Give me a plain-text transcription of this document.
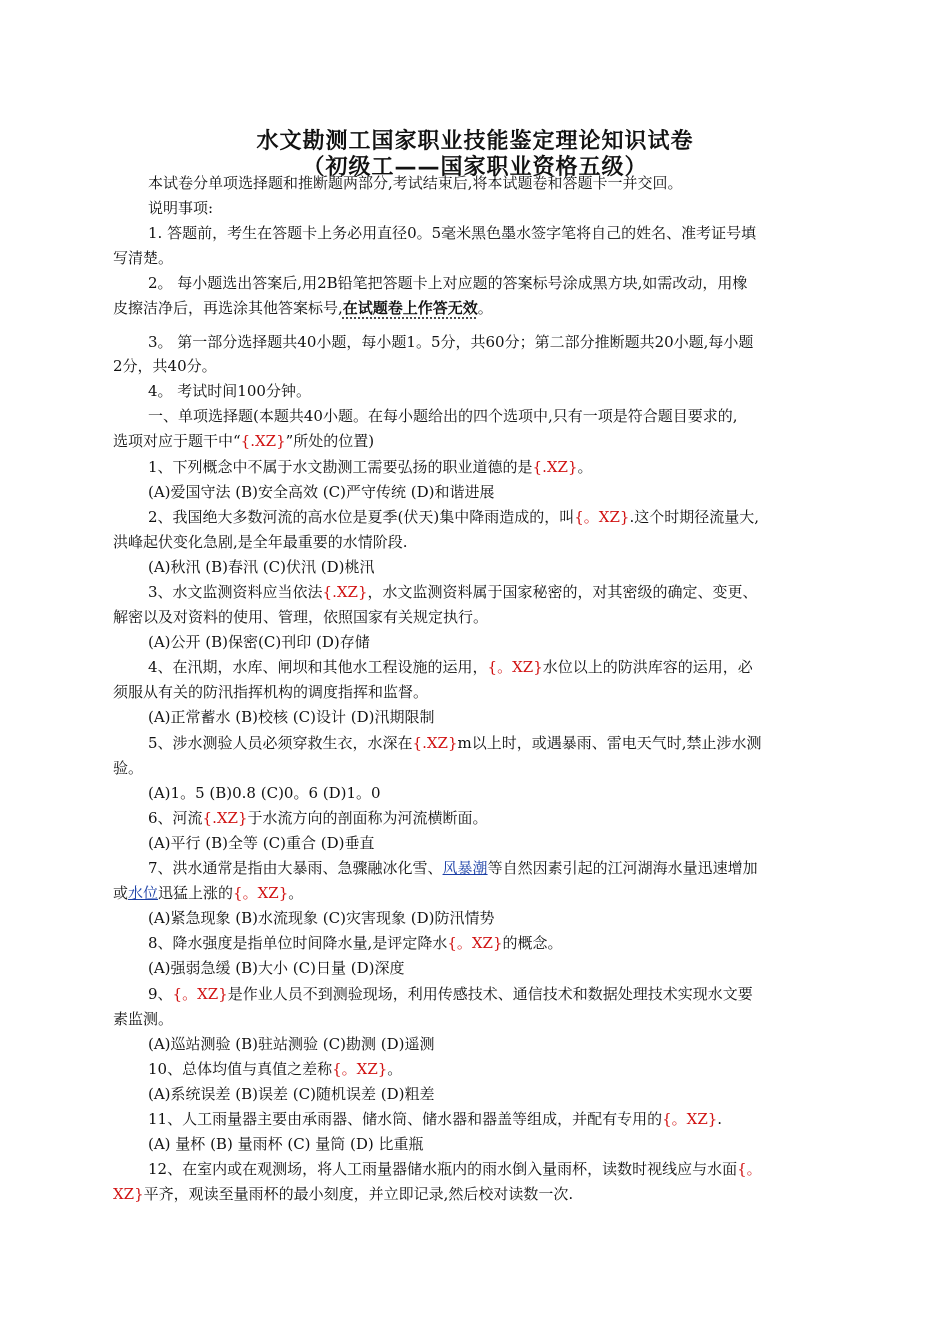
水文勘测工国家职业技能鉴定理论知识试卷
（初级工——国家职业资格五级）
本试卷分单项选择题和推断题两部分,考试结束后,将本试题卷和答题卡一并交回。
说明事项:
1. 答题前，考生在答题卡上务必用直径0。5毫米黑色墨水签字笔将自己的姓名、准考证号填
写清楚。
2。 每小题选出答案后,用2B铅笔把答题卡上对应题的答案标号涂成黑方块,如需改动，用橡
皮擦洁净后，再选涂其他答案标号,在试题卷上作答无效。
3。 第一部分选择题共40小题，每小题1。5分，共60分；第二部分推断题共20小题,每小题
2分，共40分。
4。 考试时间100分钟。
一、单项选择题(本题共40小题。在每小题给出的四个选项中,只有一项是符合题目要求的,
选项对应于题干中“{.XZ}”所处的位置)
1、下列概念中不属于水文勘测工需要弘扬的职业道德的是{.XZ}。
(A)爱国守法 (B)安全高效 (C)严守传统 (D)和谐进展
2、我国绝大多数河流的高水位是夏季(伏天)集中降雨造成的，叫{。XZ}.这个时期径流量大,
洪峰起伏变化急剧,是全年最重要的水情阶段.
(A)秋汛 (B)春汛 (C)伏汛 (D)桃汛
3、水文监测资料应当依法{.XZ}，水文监测资料属于国家秘密的，对其密级的确定、变更、
解密以及对资料的使用、管理，依照国家有关规定执行。
(A)公开 (B)保密(C)刊印 (D)存储
4、在汛期，水库、闸坝和其他水工程设施的运用，{。XZ}水位以上的防洪库容的运用，必
须服从有关的防汛指挥机构的调度指挥和监督。
(A)正常蓄水 (B)校核 (C)设计 (D)汛期限制
5、涉水测验人员必须穿救生衣，水深在{.XZ}m以上时，或遇暴雨、雷电天气时,禁止涉水测
验。
(A)1。5 (B)0.8 (C)0。6 (D)1。0
6、河流{.XZ}于水流方向的剖面称为河流横断面。
(A)平行 (B)全等 (C)重合 (D)垂直
7、洪水通常是指由大暴雨、急骤融冰化雪、风暴潮等自然因素引起的江河湖海水量迅速增加
或水位迅猛上涨的{。XZ}。
(A)紧急现象 (B)水流现象 (C)灾害现象 (D)防汛情势
8、降水强度是指单位时间降水量,是评定降水{。XZ}的概念。
(A)强弱急缓 (B)大小 (C)日量 (D)深度
9、{。XZ}是作业人员不到测验现场，利用传感技术、通信技术和数据处理技术实现水文要
素监测。
(A)巡站测验 (B)驻站测验 (C)勘测 (D)遥测
10、总体均值与真值之差称{。XZ}。
(A)系统误差 (B)误差 (C)随机误差 (D)粗差
11、人工雨量器主要由承雨器、储水筒、储水器和器盖等组成，并配有专用的{。XZ}.
(A) 量杯 (B) 量雨杯 (C) 量筒 (D) 比重瓶
12、在室内或在观测场，将人工雨量器储水瓶内的雨水倒入量雨杯，读数时视线应与水面{。
XZ}平齐，观读至量雨杯的最小刻度，并立即记录,然后校对读数一次.
